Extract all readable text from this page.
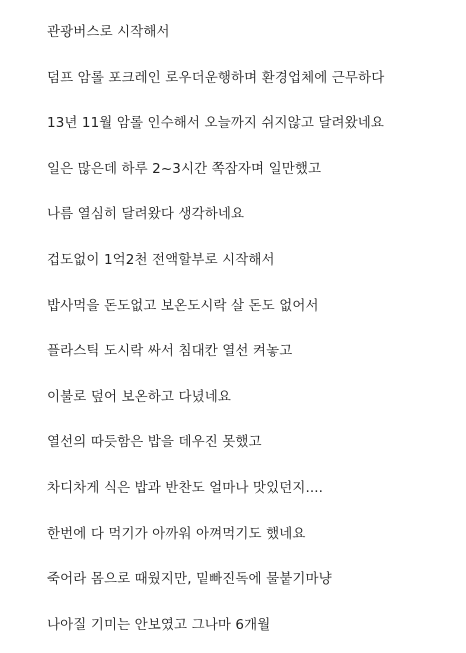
관광버스로 시작해서
덤프 암롤 포크레인 로우더운행하며 환경업체에 근무하다
13년 11월 암롤 인수해서 오늘까지 쉬지않고 달려왔네요
일은 많은데 하루 2~3시간 쪽잠자며 일만했고
나름 열심히 달려왔다 생각하네요
겁도없이 1억2천 전액할부로 시작해서
밥사먹을 돈도없고 보온도시락 살 돈도 없어서
플라스틱 도시락 싸서 침대칸 열선 켜놓고
이불로 덮어 보온하고 다녔네요
열선의 따듯함은 밥을 데우진 못했고
차디차게 식은 밥과 반찬도 얼마나 맛있던지....
한번에 다 먹기가 아까워 아껴먹기도 했네요
죽어라 몸으로 때웠지만, 밑빠진독에 물붙기마냥
나아질 기미는 안보였고 그나마 6개월
